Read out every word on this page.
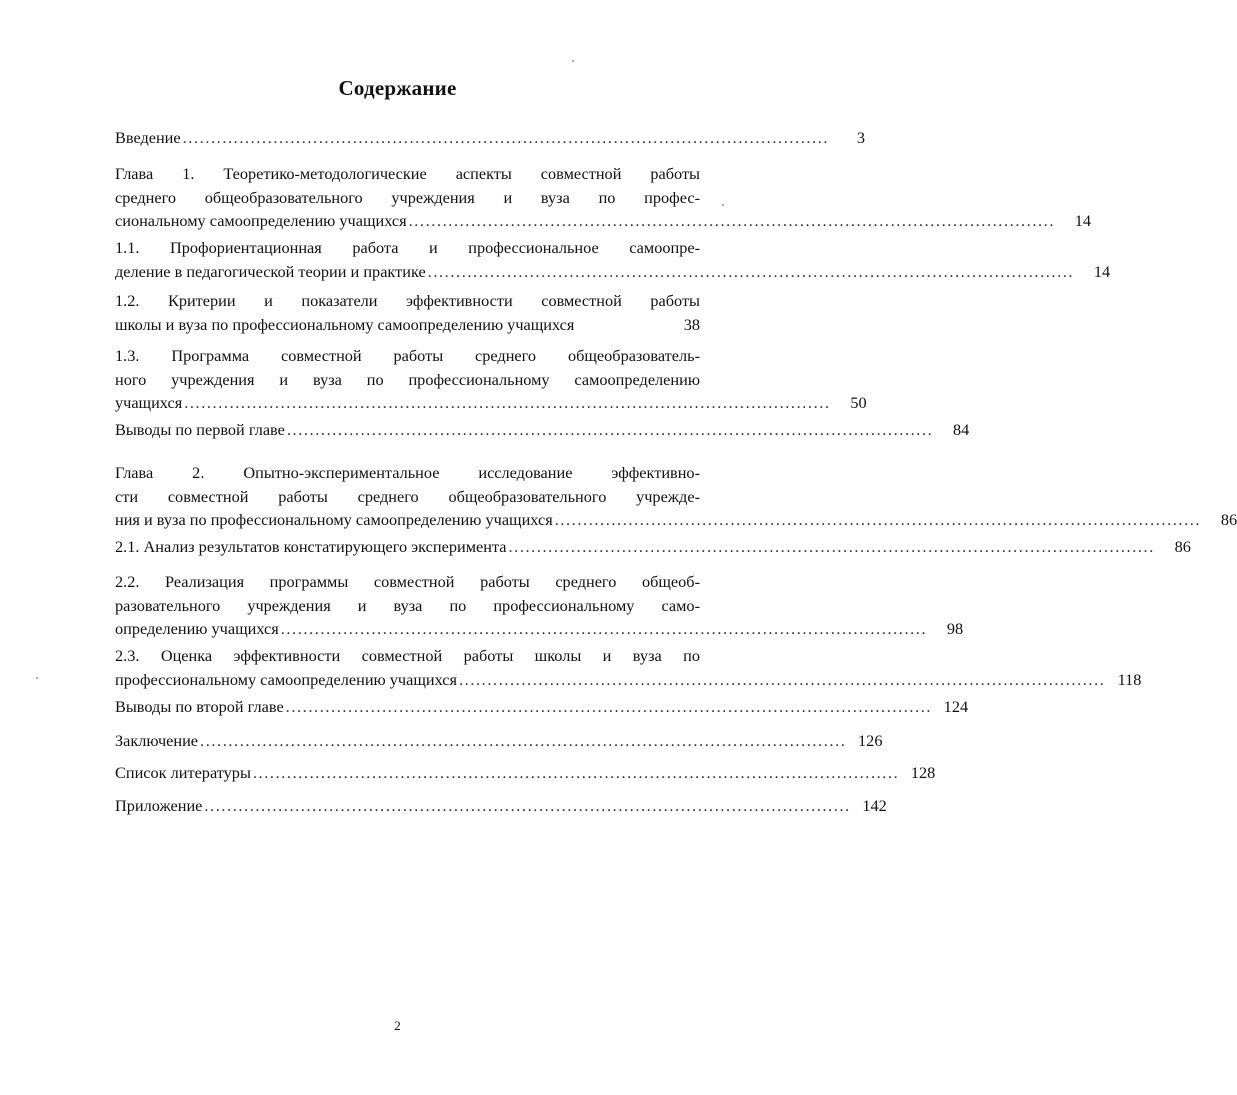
Содержание
Введение ..................................................................................................................	3
Глава 1. Теоретико-методологические аспекты совместной работы
среднего общеобразовательного учреждения и вуза по профес-
сиональному самоопределению учащихся ..................................................................................................................	14
1.1. Профориентационная работа и профессиональное самоопре-
деление в педагогической теории и практике ..................................................................................................................	14
1.2. Критерии и показатели эффективности совместной работы
школы и вуза по профессиональному самоопределению учащихся	38
1.3. Программа совместной работы среднего общеобразователь-
ного учреждения и вуза по профессиональному самоопределению
учащихся ..................................................................................................................	50
Выводы по первой главе ..................................................................................................................	84
Глава 2. Опытно-экспериментальное исследование эффективно-
сти совместной работы среднего общеобразовательного учрежде-
ния и вуза по профессиональному самоопределению учащихся ..................................................................................................................	86
2.1. Анализ результатов констатирующего эксперимента ..................................................................................................................	86
2.2. Реализация программы совместной работы среднего общеоб-
разовательного учреждения и вуза по профессиональному само-
определению учащихся ..................................................................................................................	98
2.3. Оценка эффективности совместной работы школы и вуза по
профессиональному самоопределению учащихся .................................................................................................................. 118
Выводы по второй главе .................................................................................................................. 124
Заключение .................................................................................................................. 126
Список литературы .................................................................................................................. 128
Приложение .................................................................................................................. 142
2
